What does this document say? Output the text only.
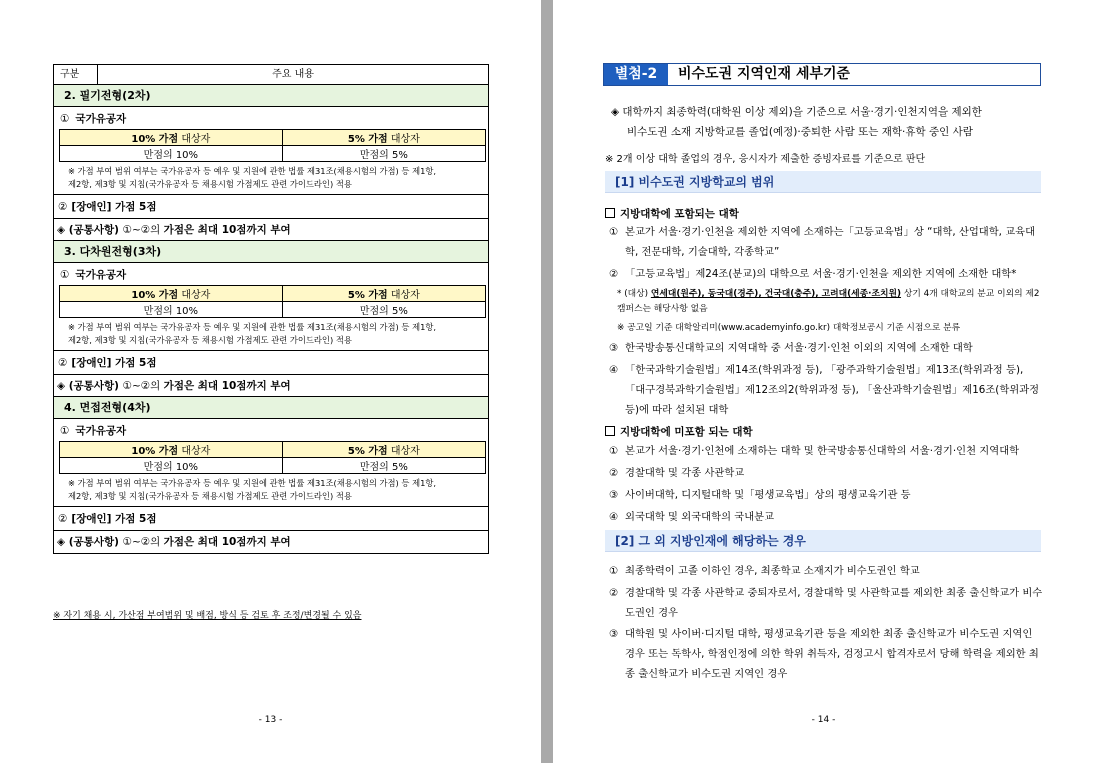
구분	주요 내용
2. 필기전형(2차)
① 국가유공자
10% 가점 대상자	5% 가점 대상자
만점의 10%	만점의 5%
※ 가점 부여 범위 여부는 국가유공자 등 예우 및 지원에 관한 법률 제31조(채용시험의 가점) 등 제1항,
제2항, 제3항 및 지침(국가유공자 등 채용시험 가점제도 관련 가이드라인) 적용
② [장애인] 가점 5점
◈ (공통사항) ①~②의 가점은 최대 10점까지 부여
3. 다차원전형(3차)
① 국가유공자
10% 가점 대상자	5% 가점 대상자
만점의 10%	만점의 5%
※ 가점 부여 범위 여부는 국가유공자 등 예우 및 지원에 관한 법률 제31조(채용시험의 가점) 등 제1항,
제2항, 제3항 및 지침(국가유공자 등 채용시험 가점제도 관련 가이드라인) 적용
② [장애인] 가점 5점
◈ (공통사항) ①~②의 가점은 최대 10점까지 부여
4. 면접전형(4차)
① 국가유공자
10% 가점 대상자	5% 가점 대상자
만점의 10%	만점의 5%
※ 가점 부여 범위 여부는 국가유공자 등 예우 및 지원에 관한 법률 제31조(채용시험의 가점) 등 제1항,
제2항, 제3항 및 지침(국가유공자 등 채용시험 가점제도 관련 가이드라인) 적용
② [장애인] 가점 5점
◈ (공통사항) ①~②의 가점은 최대 10점까지 부여
※ 자기 채용 시, 가산점 부여범위 및 배점, 방식 등 검토 후 조정/변경될 수 있음
- 13 -
별첨-2	비수도권 지역인재 세부기준
◈ 대학까지 최종학력(대학원 이상 제외)을 기준으로 서울·경기·인천지역을 제외한
비수도권 소재 지방학교를 졸업(예정)·중퇴한 사람 또는 재학·휴학 중인 사람
※ 2개 이상 대학 졸업의 경우, 응시자가 제출한 증빙자료를 기준으로 판단
[1] 비수도권 지방학교의 범위
지방대학에 포함되는 대학
① 본교가 서울·경기·인천을 제외한 지역에 소재하는「고등교육법」상 “대학, 산업대학, 교육대학, 전문대학, 기술대학, 각종학교”
② 「고등교육법」제24조(분교)의 대학으로 서울·경기·인천을 제외한 지역에 소재한 대학*
* (대상) 연세대(원주), 동국대(경주), 건국대(충주), 고려대(세종·조치원) 상기 4개 대학교의 분교 이외의 제2캠퍼스는 해당사항 없음
※ 공고일 기준 대학알리미(www.academyinfo.go.kr) 대학정보공시 기준 시점으로 분류
③ 한국방송통신대학교의 지역대학 중 서울·경기·인천 이외의 지역에 소재한 대학
④ 「한국과학기술원법」제14조(학위과정 등), 「광주과학기술원법」제13조(학위과정 등), 「대구경북과학기술원법」제12조의2(학위과정 등), 「울산과학기술원법」제16조(학위과정 등)에 따라 설치된 대학
지방대학에 미포함 되는 대학
① 본교가 서울·경기·인천에 소재하는 대학 및 한국방송통신대학의 서울·경기·인천 지역대학
② 경찰대학 및 각종 사관학교
③ 사이버대학, 디지털대학 및「평생교육법」상의 평생교육기관 등
④ 외국대학 및 외국대학의 국내분교
[2] 그 외 지방인재에 해당하는 경우
① 최종학력이 고졸 이하인 경우, 최종학교 소재지가 비수도권인 학교
② 경찰대학 및 각종 사관학교 중퇴자로서, 경찰대학 및 사관학교를 제외한 최종 출신학교가 비수도권인 경우
③ 대학원 및 사이버·디지털 대학, 평생교육기관 등을 제외한 최종 출신학교가 비수도권 지역인 경우 또는 독학사, 학점인정에 의한 학위 취득자, 검정고시 합격자로서 당해 학력을 제외한 최종 출신학교가 비수도권 지역인 경우
- 14 -
